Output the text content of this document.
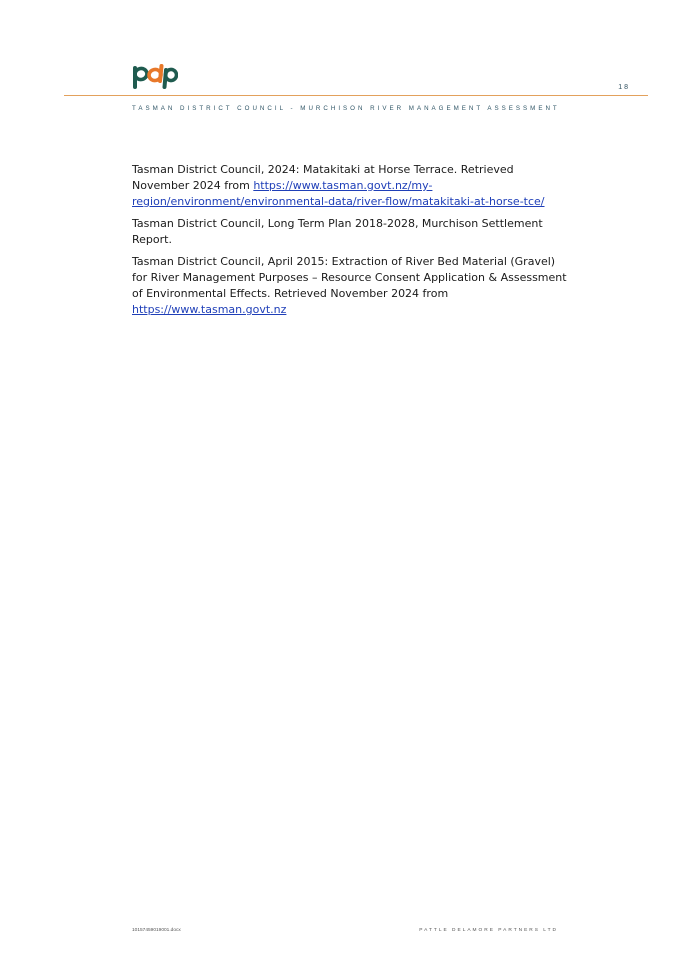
18
TASMAN DISTRICT COUNCIL - MURCHISON RIVER MANAGEMENT ASSESSMENT

Tasman District Council, 2024: Matakitaki at Horse Terrace. Retrieved November 2024 from https://www.tasman.govt.nz/my-region/environment/environmental-data/river-flow/matakitaki-at-horse-tce/

Tasman District Council, Long Term Plan 2018-2028, Murchison Settlement Report.

Tasman District Council, April 2015: Extraction of River Bed Material (Gravel) for River Management Purposes – Resource Consent Application & Assessment of Environmental Effects. Retrieved November 2024 from https://www.tasman.govt.nz

10157459019001.docx	PATTLE DELAMORE PARTNERS LTD
